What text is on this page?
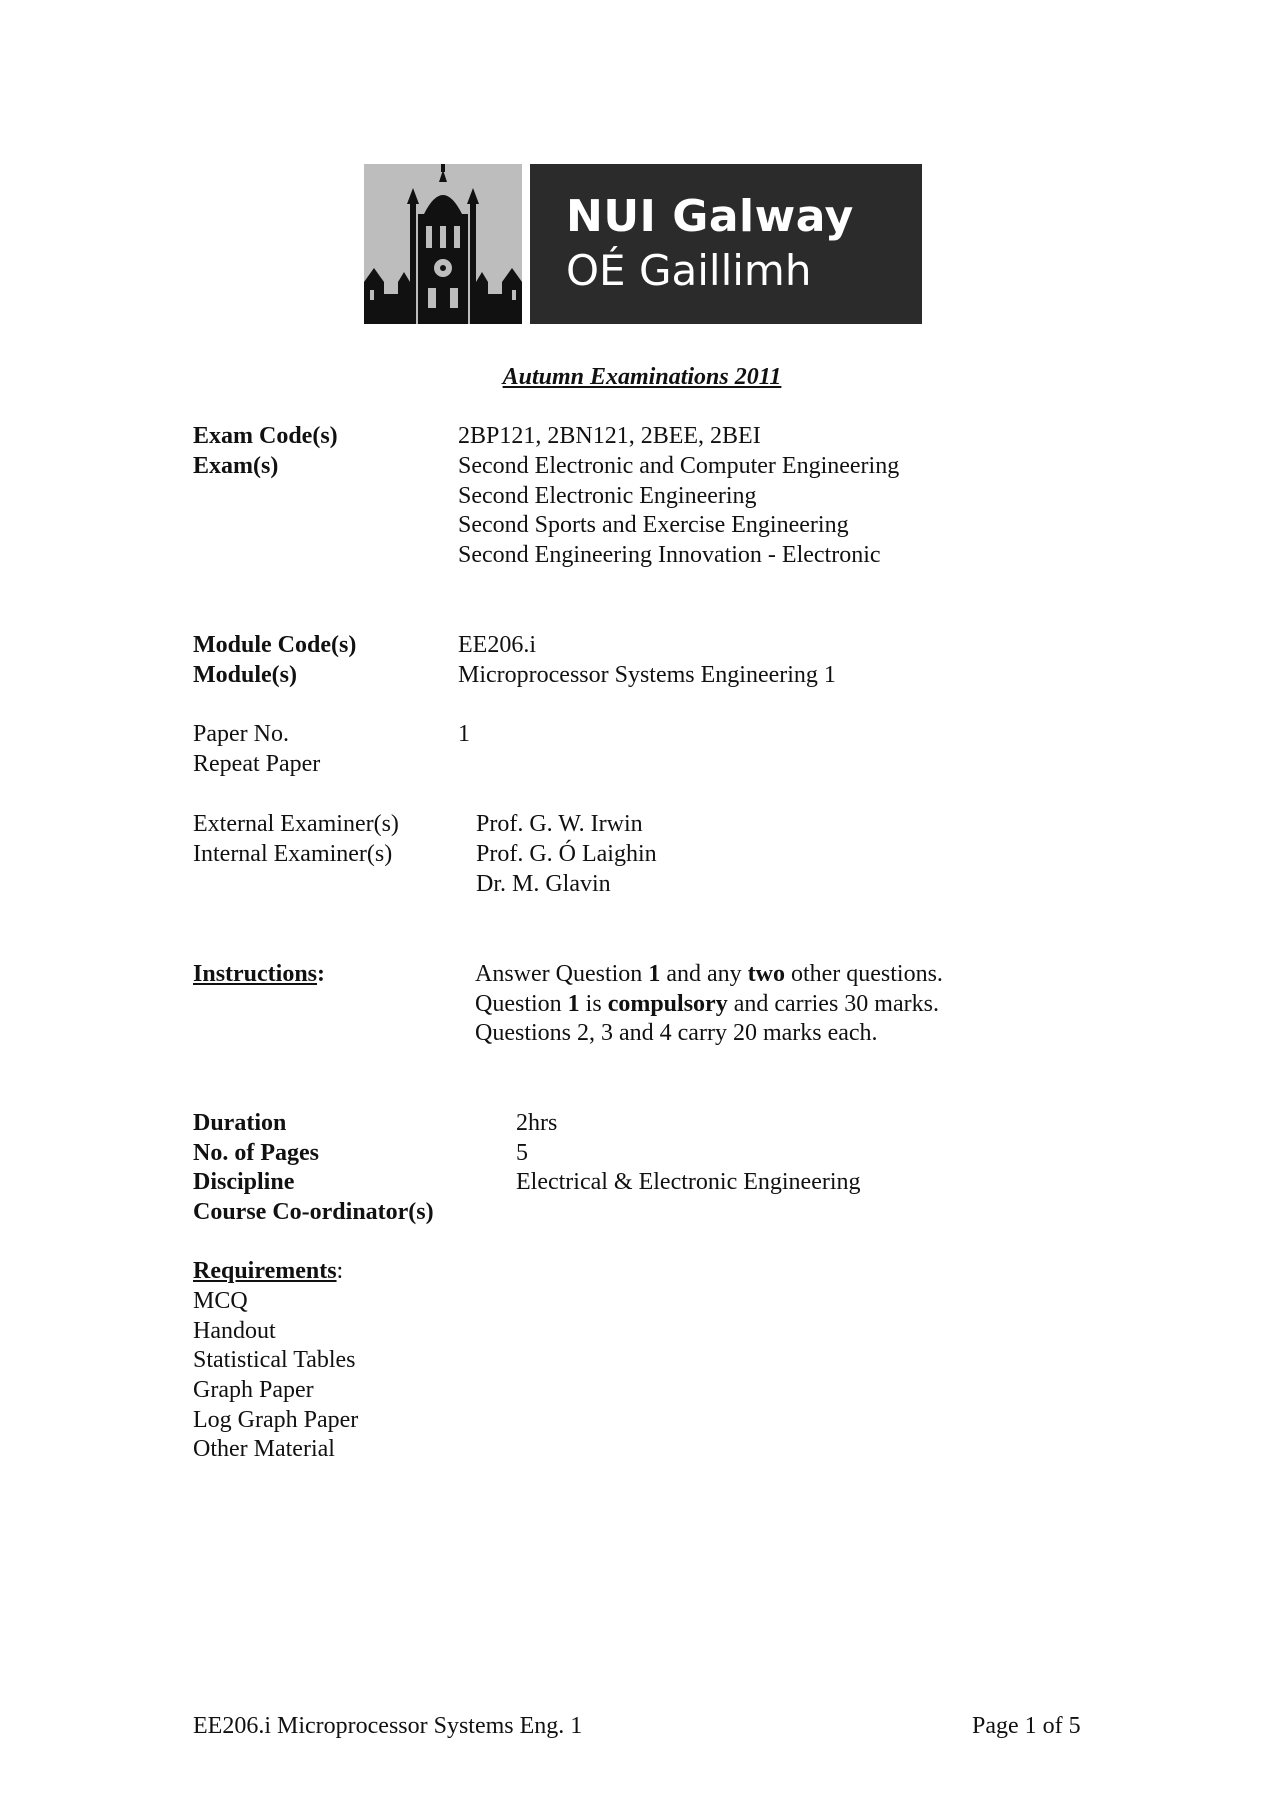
NUI Galway
OÉ Gaillimh
Autumn Examinations 2011
Exam Code(s)	2BP121, 2BN121, 2BEE, 2BEI
Exam(s)	Second Electronic and Computer Engineering
Second Electronic Engineering
Second Sports and Exercise Engineering
Second Engineering Innovation - Electronic
Module Code(s)	EE206.i
Module(s)	Microprocessor Systems Engineering 1
Paper No.	1
Repeat Paper
External Examiner(s)	Prof. G. W. Irwin
Internal Examiner(s)	Prof. G. Ó Laighin
Dr. M. Glavin
Instructions:	Answer Question 1 and any two other questions.
Question 1 is compulsory and carries 30 marks.
Questions 2, 3 and 4 carry 20 marks each.
Duration	2hrs
No. of Pages	5
Discipline	Electrical & Electronic Engineering
Course Co-ordinator(s)
Requirements:
MCQ
Handout
Statistical Tables
Graph Paper
Log Graph Paper
Other Material
EE206.i Microprocessor Systems Eng. 1	Page 1 of 5
